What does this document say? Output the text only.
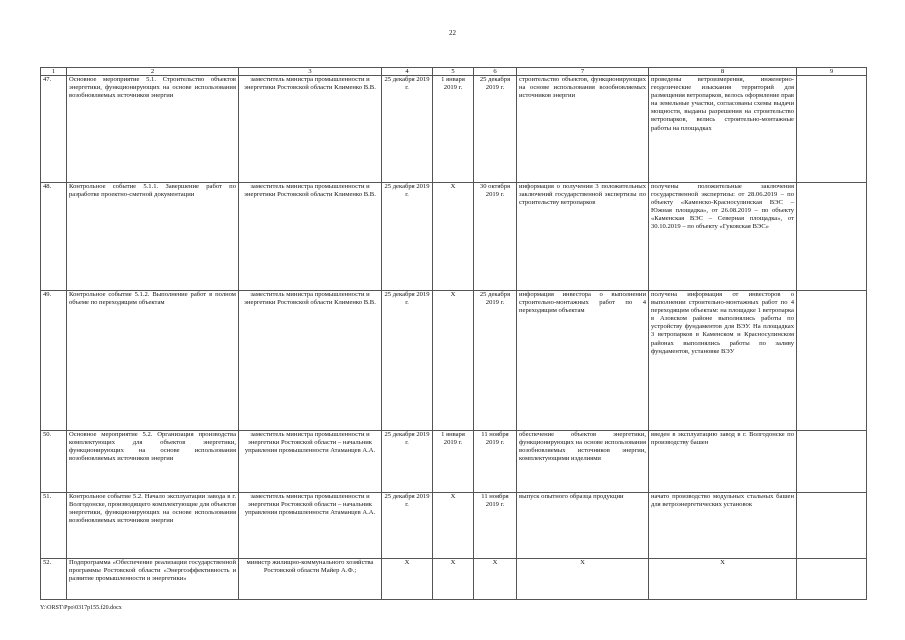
22
1	2	3	4	5	6	7	8	9
47.	Основное мероприятие 5.1. Строительство объектов энергетики, функционирующих на основе использования возобновляемых источников энергии	заместитель министра промышленности и энергетики Ростовской области Клименко В.В.	25 декабря 2019 г.	1 января 2019 г.	25 декабря 2019 г.	строительство объектов, функционирующих на основе использования возобновляемых источников энергии	проведены ветроизмерения, инженерно-геодезические изыскания территорий для размещения ветропарков, велось оформление прав на земельные участки, согласованы схемы выдачи мощности, выданы разрешения на строительство ветропарков, велись строительно-монтажные работы на площадках	
48.	Контрольное событие 5.1.1. Завершение работ по разработке проектно-сметной документации	заместитель министра промышленности и энергетики Ростовской области Клименко В.В.	25 декабря 2019 г.	X	30 октября 2019 г.	информация о получении 3 положительных заключений государственной экспертизы по строительству ветропарков	получены положительные заключения государственной экспертизы: от 28.06.2019 – по объекту «Каменско-Красносулинская ВЭС – Южная площадка», от 26.08.2019 – по объекту «Каменская ВЭС – Северная площадка», от 30.10.2019 – по объекту «Гуковская ВЭС»	
49.	Контрольное событие 5.1.2. Выполнение работ в полном объеме по переходящим объектам	заместитель министра промышленности и энергетики Ростовской области Клименко В.В.	25 декабря 2019 г.	X	25 декабря 2019 г.	информация инвестора о выполнении строительно-монтажных работ по 4 переходящим объектам	получена информация от инвесторов о выполнении строительно-монтажных работ по 4 переходящим объектам: на площадке 1 ветропарка в Азовском районе выполнялись работы по устройству фундаментов для ВЭУ. На площадках 3 ветропарков в Каменском и Красносулинском районах выполнялись работы по заливу фундаментов, установке ВЭУ	
50.	Основное мероприятие 5.2. Организация производства комплектующих для объектов энергетики, функционирующих на основе использования возобновляемых источников энергии	заместитель министра промышленности и энергетики Ростовской области – начальник управления промышленности Атаманцев А.А.	25 декабря 2019 г.	1 января 2019 г.	11 ноября 2019 г.	обеспечение объектов энергетики, функционирующих на основе использования возобновляемых источников энергии, комплектующими изделиями	введен в эксплуатацию завод в г. Волгодонске по производству башен	
51.	Контрольное событие 5.2. Начало эксплуатации завода в г. Волгодонске, производящего комплектующие для объектов энергетики, функционирующих на основе использования возобновляемых источников энергии	заместитель министра промышленности и энергетики Ростовской области – начальник управления промышленности Атаманцев А.А.	25 декабря 2019 г.	X	11 ноября 2019 г.	выпуск опытного образца продукции	начато производство модульных стальных башен для ветроэнергетических установок	
52.	Подпрограмма «Обеспечение реализации государственной программы Ростовской области «Энергоэффективность и развитие промышленности и энергетики»	министр жилищно-коммунального хозяйства Ростовской области Майер А.Ф.;	X	X	X	X	X	
Y:\ORST\Ppo\0317p155.f20.docx
